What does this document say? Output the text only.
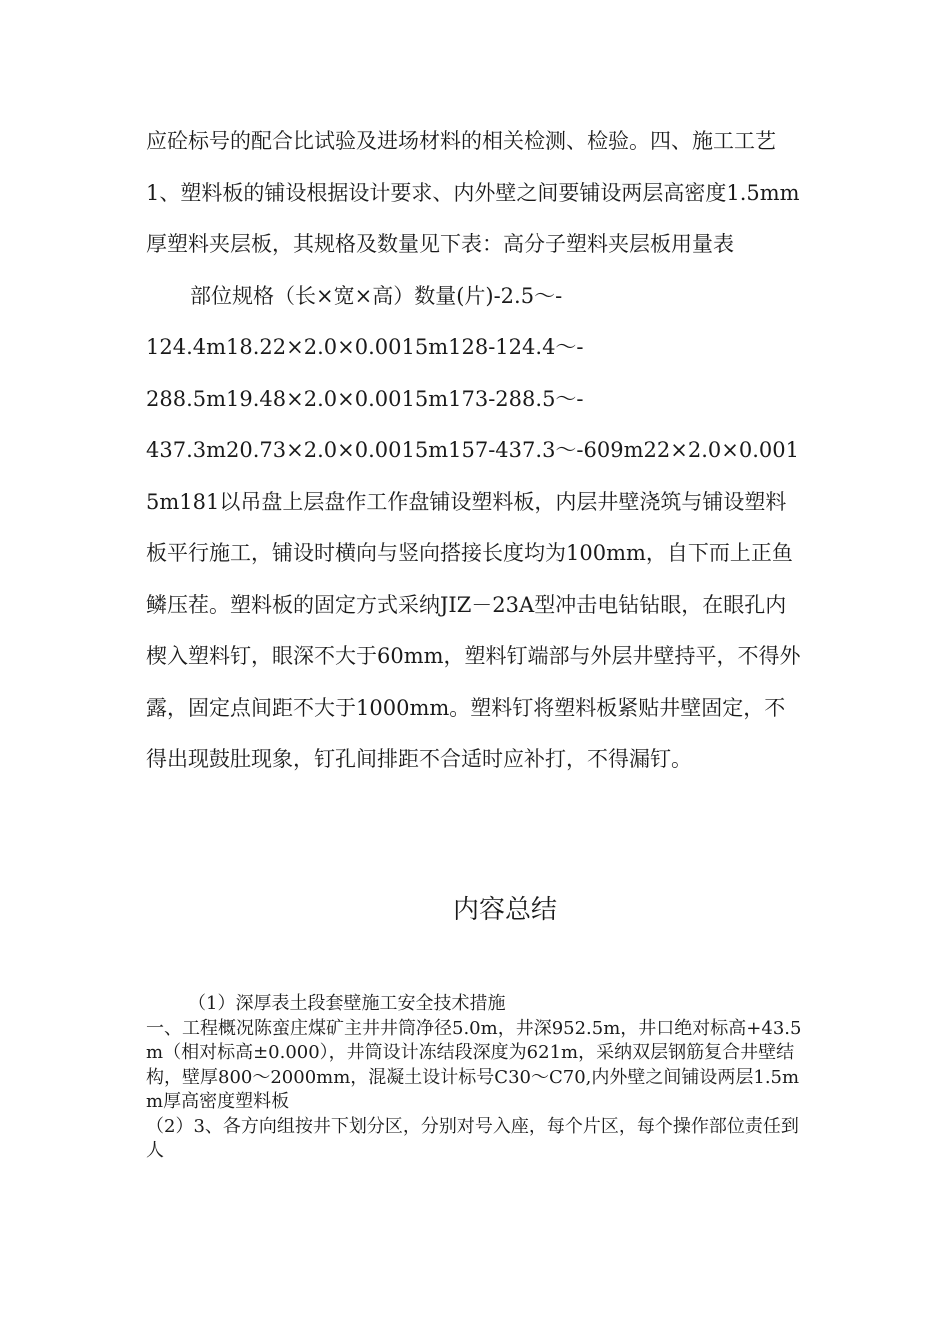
应砼标号的配合比试验及进场材料的相关检测、检验。四、施工工艺1、塑料板的铺设根据设计要求、内外壁之间要铺设两层高密度1.5mm厚塑料夹层板，其规格及数量见下表：高分子塑料夹层板用量表

部位规格（长×宽×高）数量(片)-2.5～-

124.4m18.22×2.0×0.0015m128-124.4～-

288.5m19.48×2.0×0.0015m173-288.5～-

437.3m20.73×2.0×0.0015m157-437.3～-609m22×2.0×0.0015m181以吊盘上层盘作工作盘铺设塑料板，内层井壁浇筑与铺设塑料板平行施工，铺设时横向与竖向搭接长度均为100mm，自下而上正鱼鳞压茬。塑料板的固定方式采纳JIZ－23A型冲击电钻钻眼，在眼孔内楔入塑料钉，眼深不大于60mm，塑料钉端部与外层井壁持平，不得外露，固定点间距不大于1000mm。塑料钉将塑料板紧贴井壁固定，不得出现鼓肚现象，钉孔间排距不合适时应补打，不得漏钉。

内容总结

（1）深厚表土段套壁施工安全技术措施

一、工程概况陈蛮庄煤矿主井井筒净径5.0m，井深952.5m，井口绝对标高+43.5m（相对标高±0.000），井筒设计冻结段深度为621m，采纳双层钢筋复合井壁结构，壁厚800～2000mm，混凝土设计标号C30～C70,内外壁之间铺设两层1.5mm厚高密度塑料板

（2）3、各方向组按井下划分区，分别对号入座，每个片区，每个操作部位责任到人
